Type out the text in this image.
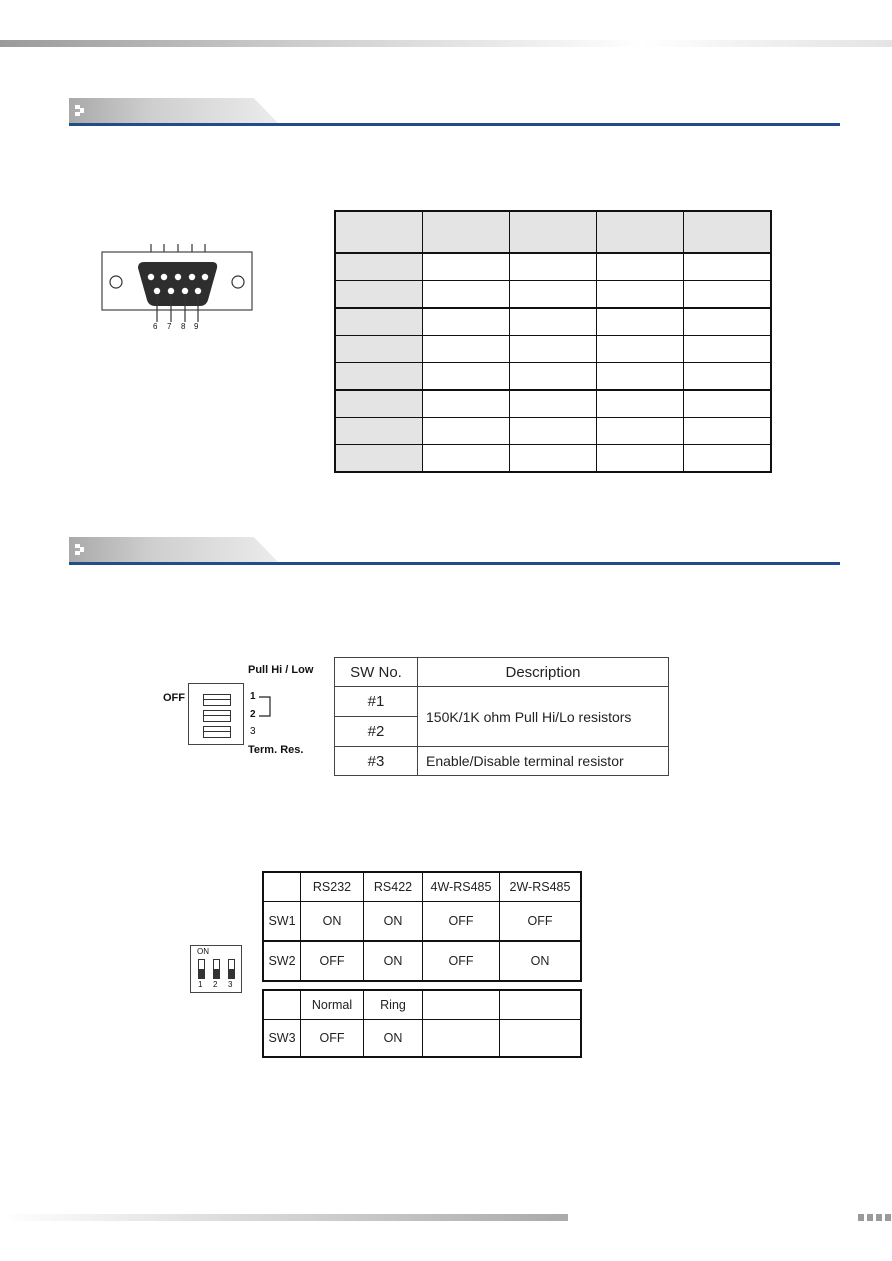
6 7 8 9

OFF
Pull Hi / Low
1
2
3
Term. Res.
SW No.	Description
#1	150K/1K ohm Pull Hi/Lo resistors
#2	
#3	Enable/Disable terminal resistor
ON
1 2 3
	RS232	RS422	4W-RS485	2W-RS485
SW1	ON	ON	OFF	OFF
SW2	OFF	ON	OFF	ON
	Normal	Ring		
SW3	OFF	ON		
